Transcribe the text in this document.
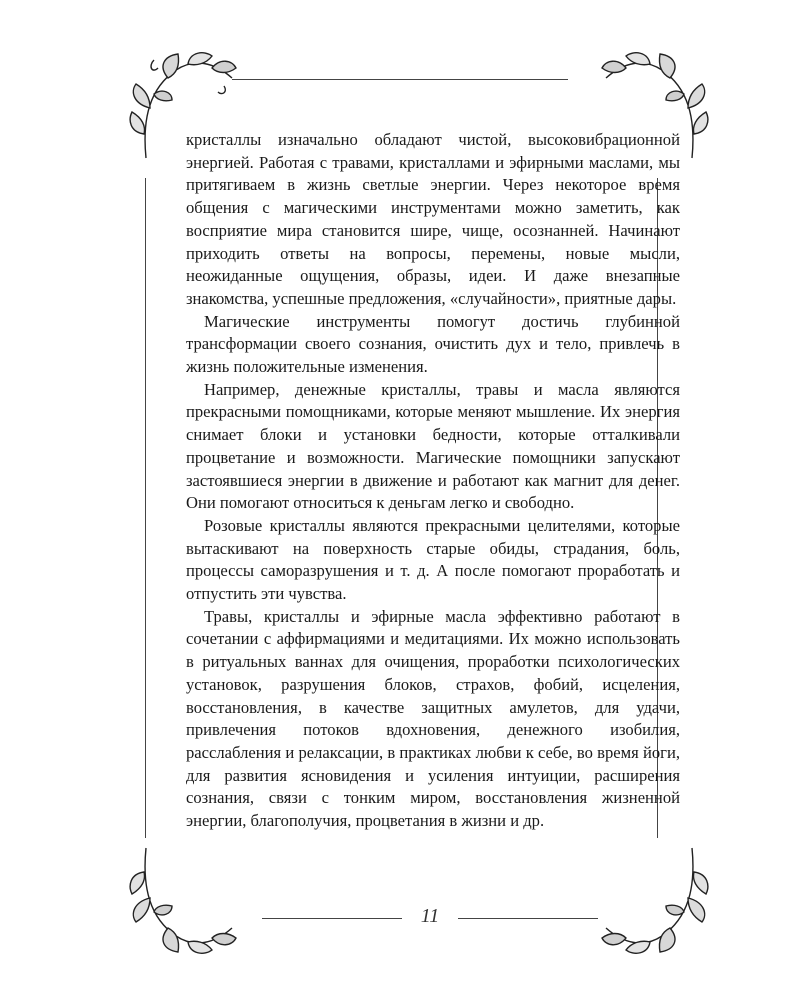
кристаллы изначально обладают чистой, высоковибрационной энергией. Работая с травами, кристаллами и эфирными маслами, мы притягиваем в жизнь светлые энергии. Через некоторое время общения с магическими инструментами можно заметить, как восприятие мира становится шире, чище, осознанней. Начинают приходить ответы на вопросы, перемены, новые мысли, неожиданные ощущения, образы, идеи. И даже внезапные знакомства, успешные предложения, «случайности», приятные дары.

Магические инструменты помогут достичь глубинной трансформации своего сознания, очистить дух и тело, привлечь в жизнь положительные изменения.

Например, денежные кристаллы, травы и масла являются прекрасными помощниками, которые меняют мышление. Их энергия снимает блоки и установки бедности, которые отталкивали процветание и возможности. Магические помощники запускают застоявшиеся энергии в движение и работают как магнит для денег. Они помогают относиться к деньгам легко и свободно.

Розовые кристаллы являются прекрасными целителями, которые вытаскивают на поверхность старые обиды, страдания, боль, процессы саморазрушения и т. д. А после помогают проработать и отпустить эти чувства.

Травы, кристаллы и эфирные масла эффективно работают в сочетании с аффирмациями и медитациями. Их можно использовать в ритуальных ваннах для очищения, проработки психологических установок, разрушения блоков, страхов, фобий, исцеления, восстановления, в качестве защитных амулетов, для удачи, привлечения потоков вдохновения, денежного изобилия, расслабления и релаксации, в практиках любви к себе, во время йоги, для развития ясновидения и усиления интуиции, расширения сознания, связи с тонким миром, восстановления жизненной энергии, благополучия, процветания в жизни и др.

11
